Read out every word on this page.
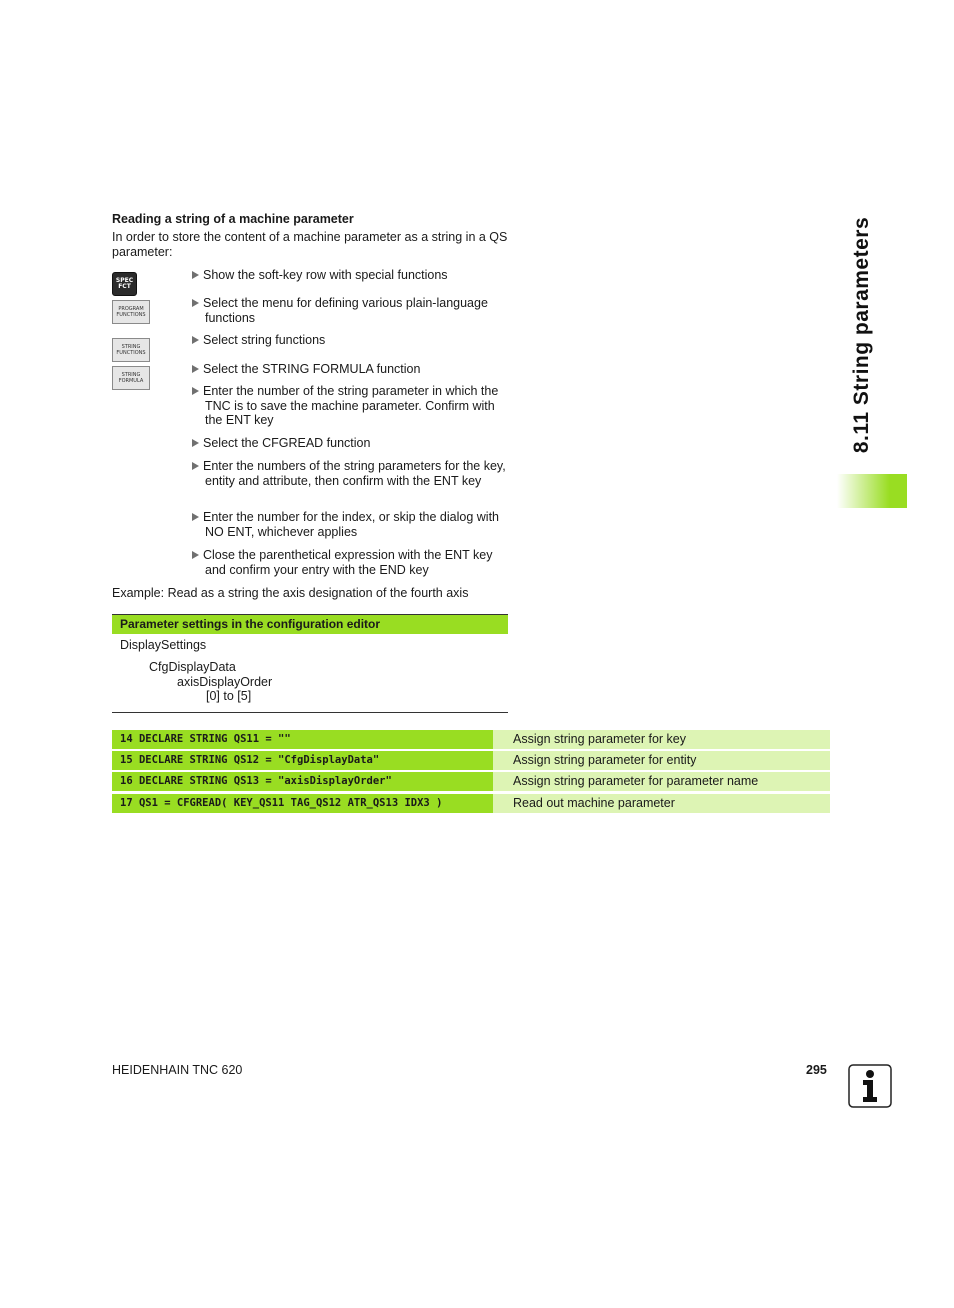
Reading a string of a machine parameter
In order to store the content of a machine parameter as a string in a QS parameter:
SPEC
FCT
PROGRAM
FUNCTIONS
STRING
FUNCTIONS
STRING
FORMULA
Show the soft-key row with special functions
Select the menu for defining various plain-language functions
Select string functions
Select the STRING FORMULA function
Enter the number of the string parameter in which the TNC is to save the machine parameter. Confirm with the ENT key
Select the CFGREAD function
Enter the numbers of the string parameters for the key, entity and attribute, then confirm with the ENT key
Enter the number for the index, or skip the dialog with NO ENT, whichever applies
Close the parenthetical expression with the ENT key and confirm your entry with the END key
Example: Read as a string the axis designation of the fourth axis
Parameter settings in the configuration editor
DisplaySettings
CfgDisplayData
axisDisplayOrder
[0] to [5]
14 DECLARE STRING QS11 = ""	Assign string parameter for key
15 DECLARE STRING QS12 = "CfgDisplayData"	Assign string parameter for entity
16 DECLARE STRING QS13 = "axisDisplayOrder"	Assign string parameter for parameter name
17 QS1 = CFGREAD( KEY_QS11 TAG_QS12 ATR_QS13 IDX3 )	Read out machine parameter
8.11 String parameters
HEIDENHAIN TNC 620	295
